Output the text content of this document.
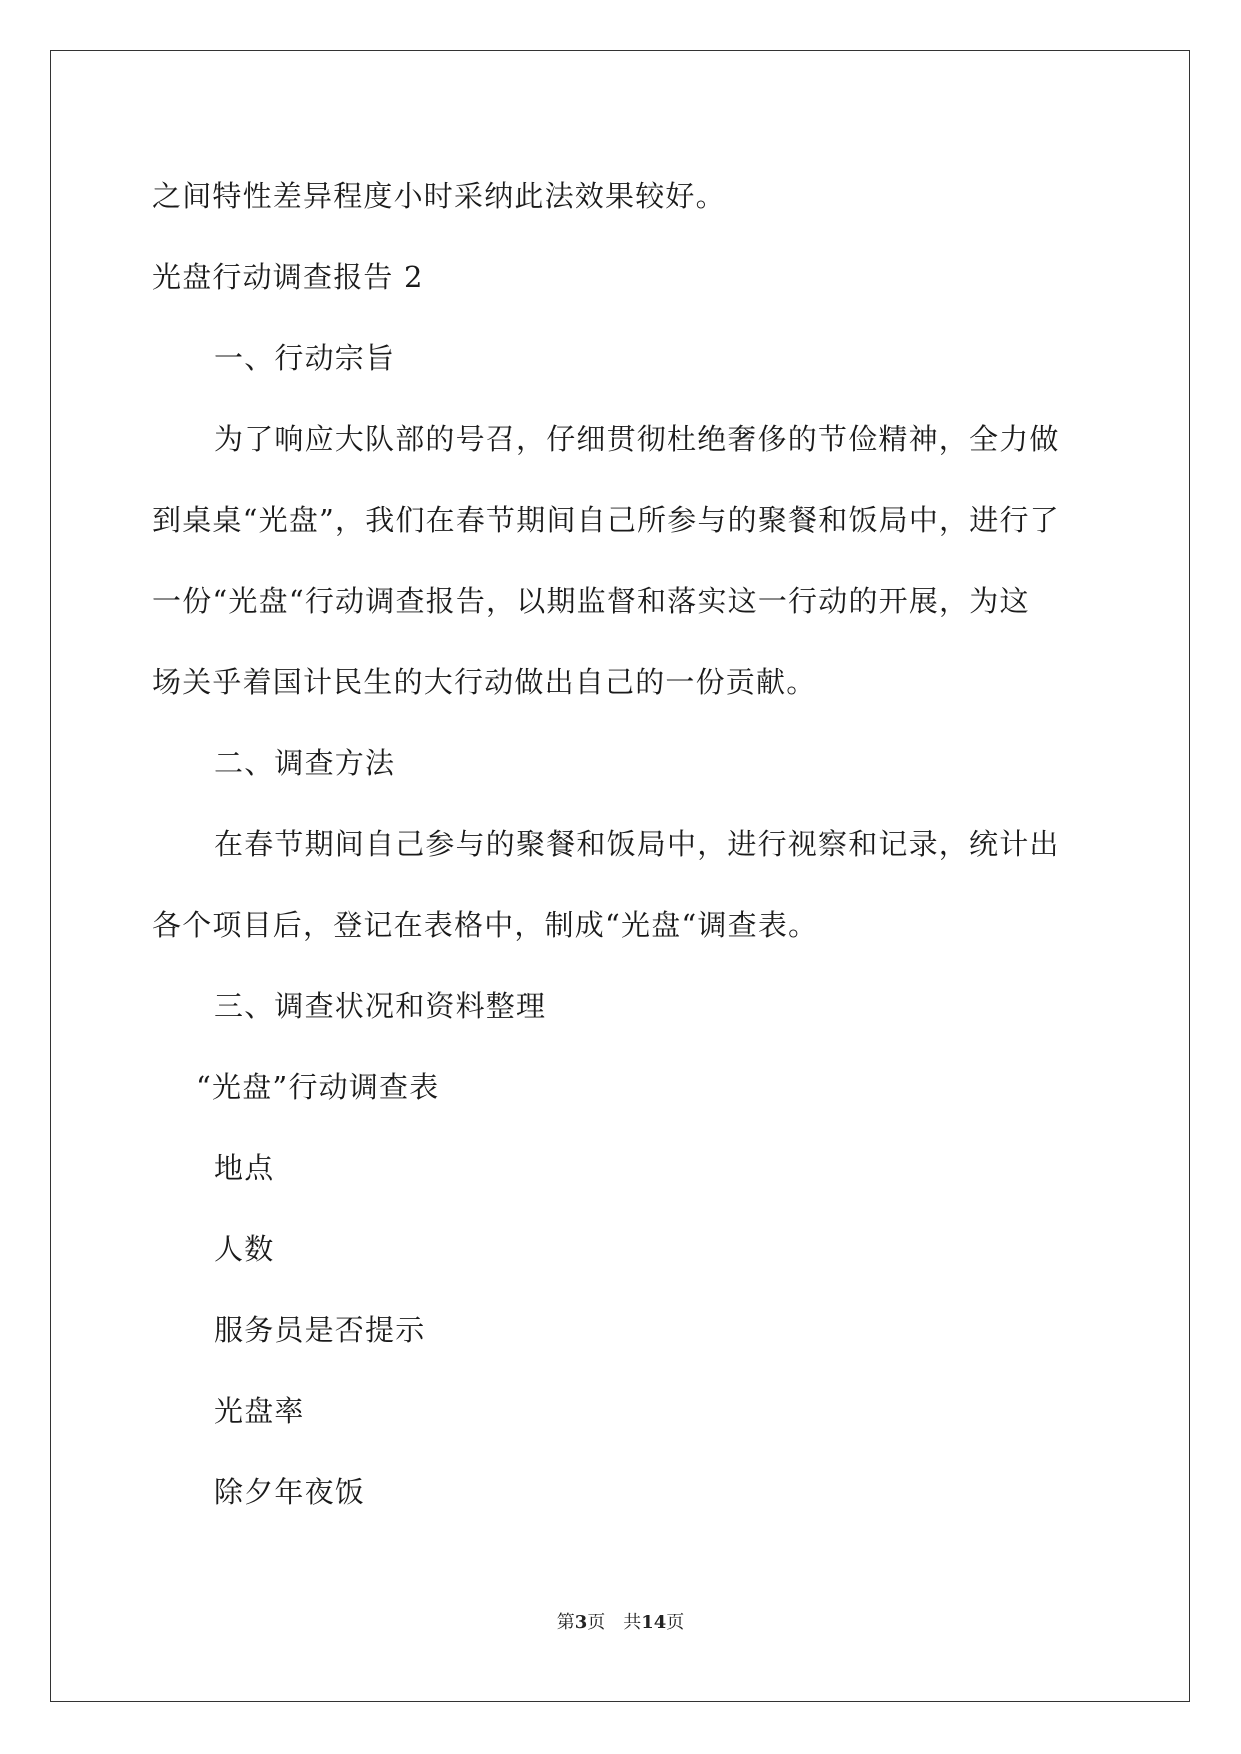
之间特性差异程度小时采纳此法效果较好。
光盘行动调查报告 2
一、行动宗旨
为了响应大队部的号召，仔细贯彻杜绝奢侈的节俭精神，全力做
到桌桌“光盘”，我们在春节期间自己所参与的聚餐和饭局中，进行了
一份“光盘“行动调查报告，以期监督和落实这一行动的开展，为这
场关乎着国计民生的大行动做出自己的一份贡献。
二、调查方法
在春节期间自己参与的聚餐和饭局中，进行视察和记录，统计出
各个项目后，登记在表格中，制成“光盘“调查表。
三、调查状况和资料整理
“光盘”行动调查表
地点
人数
服务员是否提示
光盘率
除夕年夜饭
第3页 共14页
